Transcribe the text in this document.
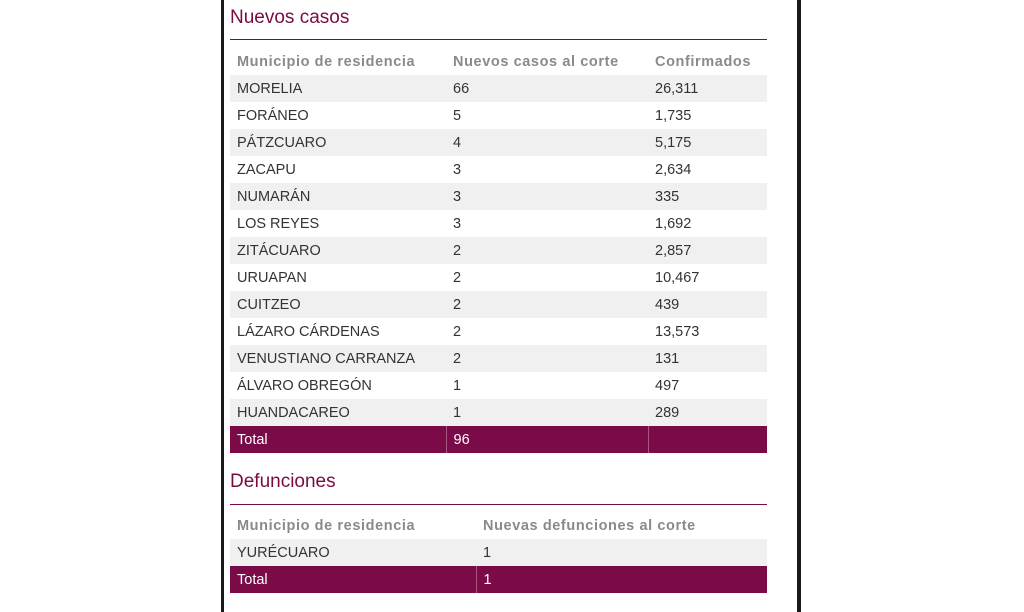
Nuevos casos
Municipio de residencia	Nuevos casos al corte	Confirmados
MORELIA	66	26,311
FORÁNEO	5	1,735
PÁTZCUARO	4	5,175
ZACAPU	3	2,634
NUMARÁN	3	335
LOS REYES	3	1,692
ZITÁCUARO	2	2,857
URUAPAN	2	10,467
CUITZEO	2	439
LÁZARO CÁRDENAS	2	13,573
VENUSTIANO CARRANZA	2	131
ÁLVARO OBREGÓN	1	497
HUANDACAREO	1	289
Total	96	
Defunciones
Municipio de residencia	Nuevas defunciones al corte
YURÉCUARO	1
Total	1
